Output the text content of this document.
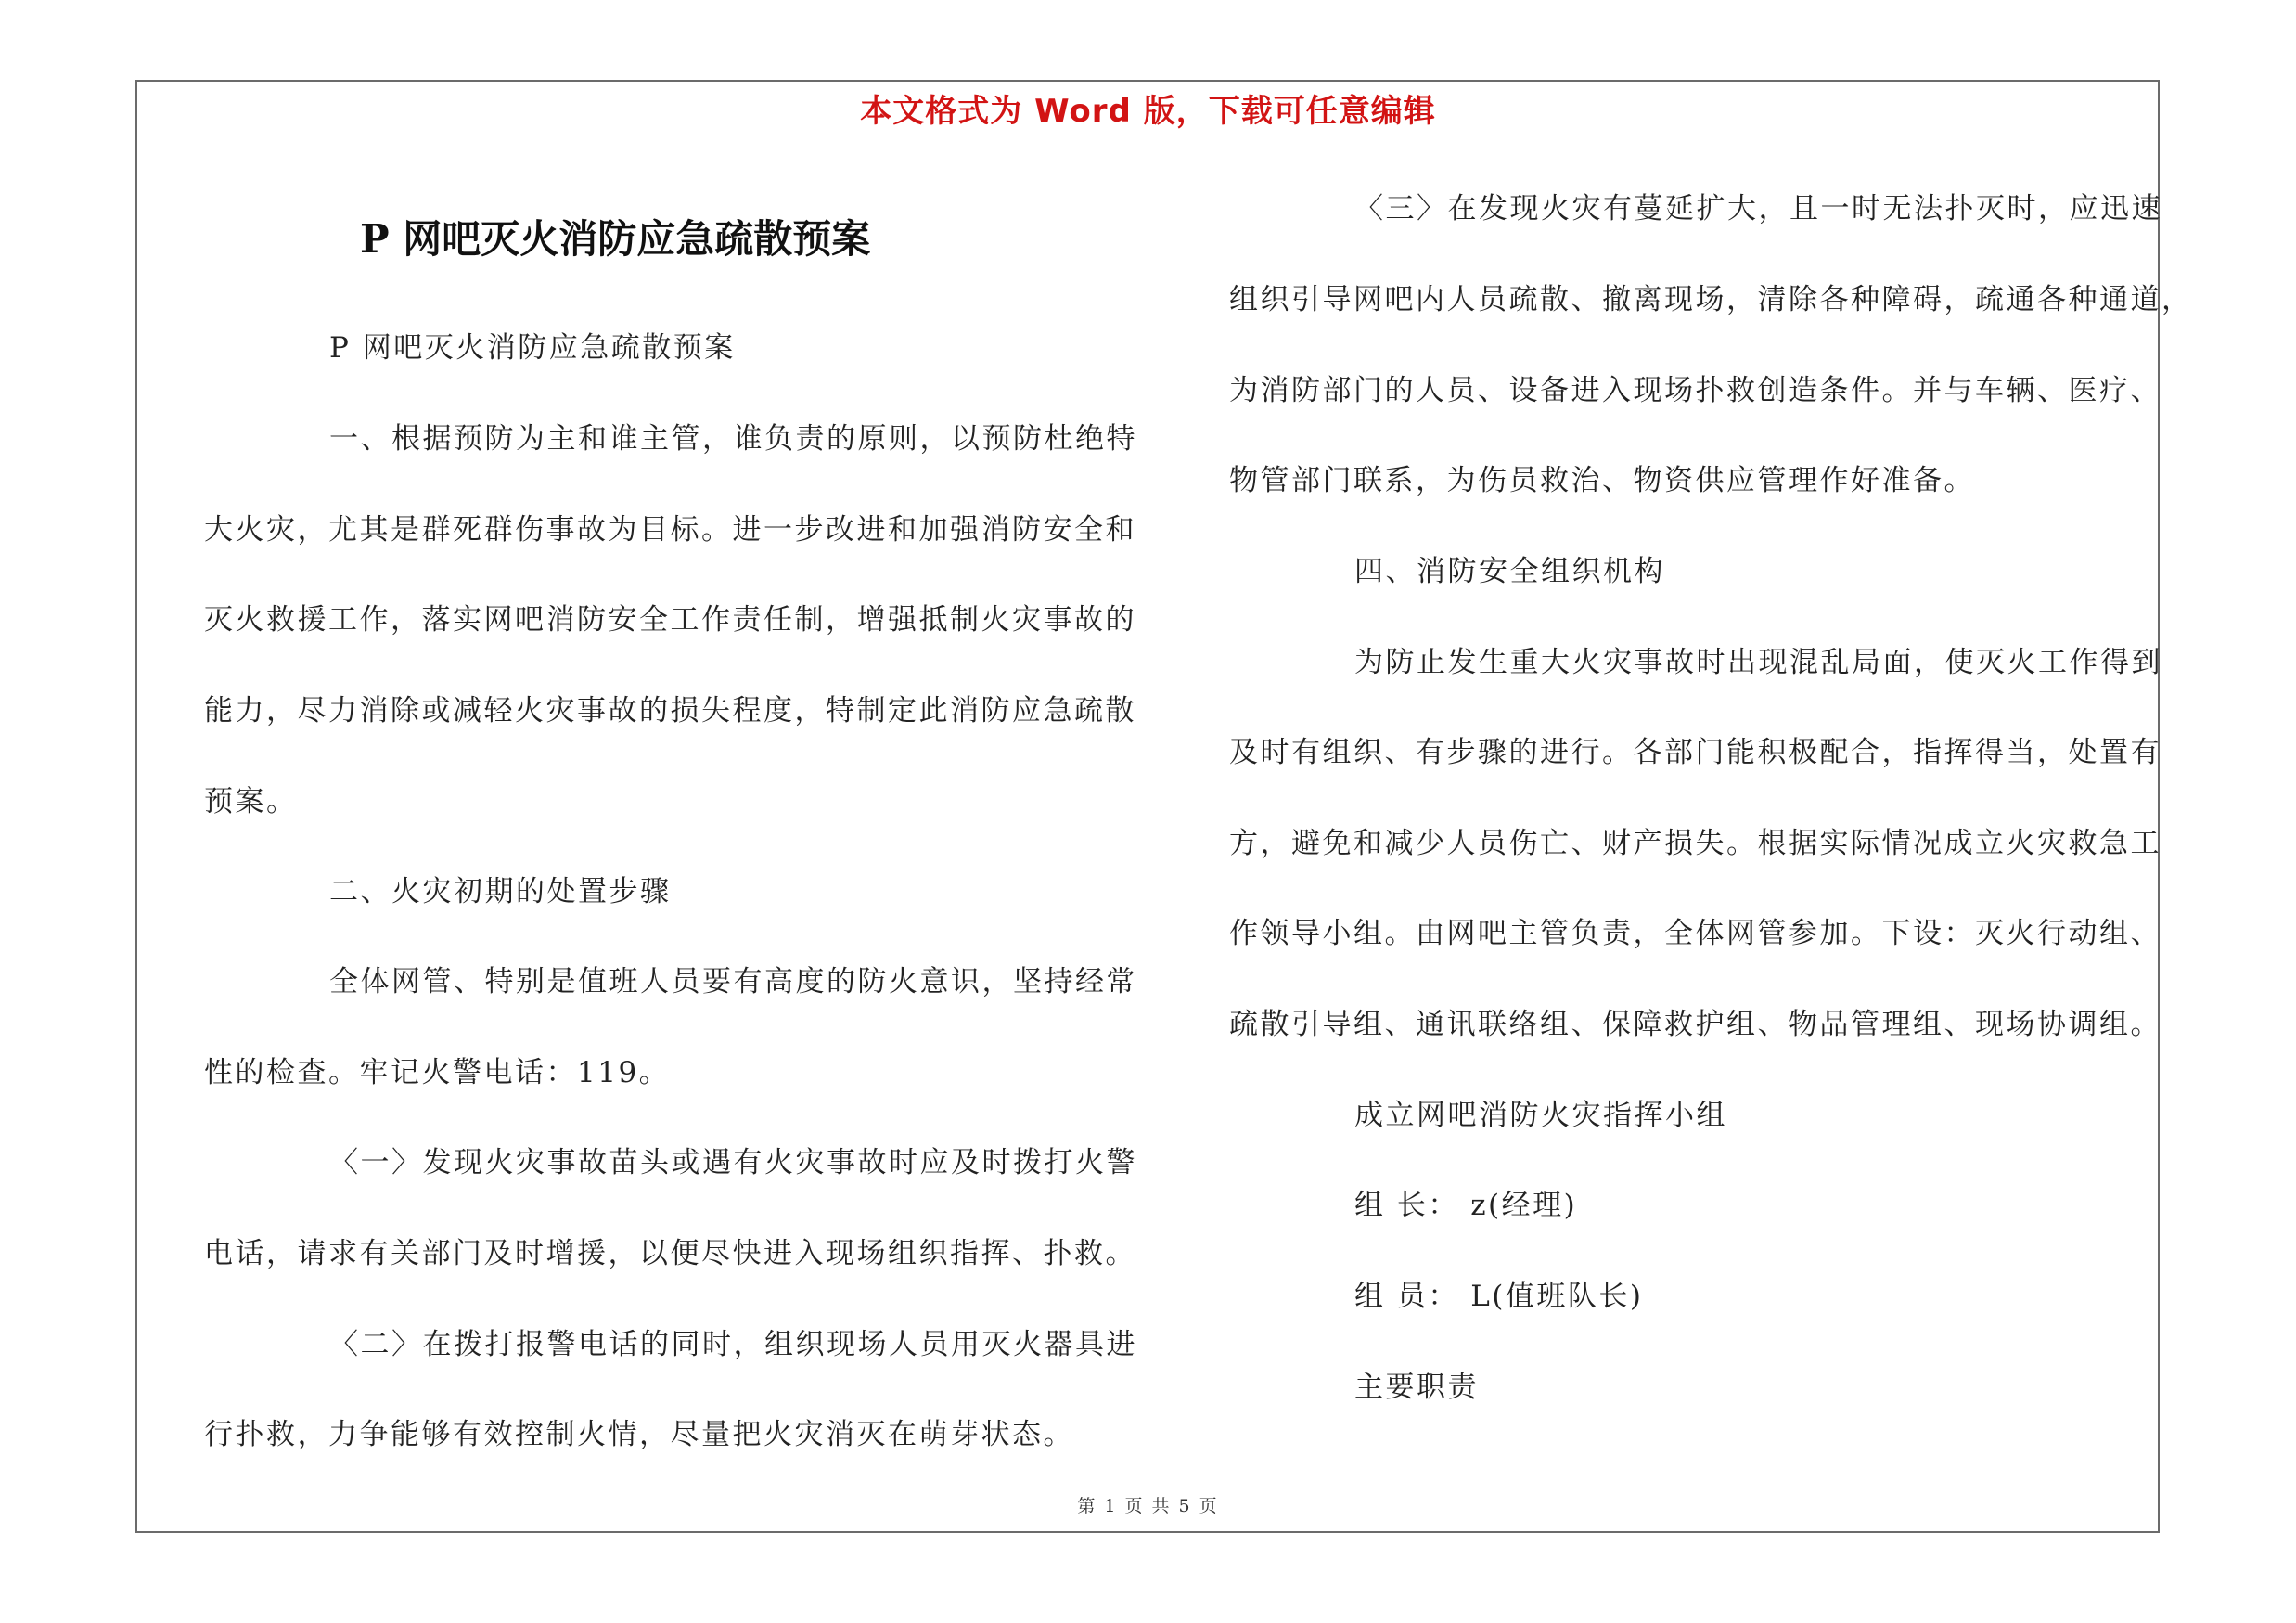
本文格式为 Word 版，下载可任意编辑
P 网吧灭火消防应急疏散预案
P 网吧灭火消防应急疏散预案
一、根据预防为主和谁主管，谁负责的原则，以预防杜绝特
大火灾，尤其是群死群伤事故为目标。进一步改进和加强消防安全和
灭火救援工作，落实网吧消防安全工作责任制，增强抵制火灾事故的
能力，尽力消除或减轻火灾事故的损失程度，特制定此消防应急疏散
预案。
二、火灾初期的处置步骤
全体网管、特别是值班人员要有高度的防火意识，坚持经常
性的检查。牢记火警电话：119。
〈一〉发现火灾事故苗头或遇有火灾事故时应及时拨打火警
电话，请求有关部门及时增援，以便尽快进入现场组织指挥、扑救。
〈二〉在拨打报警电话的同时，组织现场人员用灭火器具进
行扑救，力争能够有效控制火情，尽量把火灾消灭在萌芽状态。
〈三〉在发现火灾有蔓延扩大，且一时无法扑灭时，应迅速
组织引导网吧内人员疏散、撤离现场，清除各种障碍，疏通各种通道，
为消防部门的人员、设备进入现场扑救创造条件。并与车辆、医疗、
物管部门联系，为伤员救治、物资供应管理作好准备。
四、消防安全组织机构
为防止发生重大火灾事故时出现混乱局面，使灭火工作得到
及时有组织、有步骤的进行。各部门能积极配合，指挥得当，处置有
方，避免和减少人员伤亡、财产损失。根据实际情况成立火灾救急工
作领导小组。由网吧主管负责，全体网管参加。下设：灭火行动组、
疏散引导组、通讯联络组、保障救护组、物品管理组、现场协调组。
成立网吧消防火灾指挥小组
组 长： z(经理)
组 员： L(值班队长)
主要职责
第 1 页 共 5 页
